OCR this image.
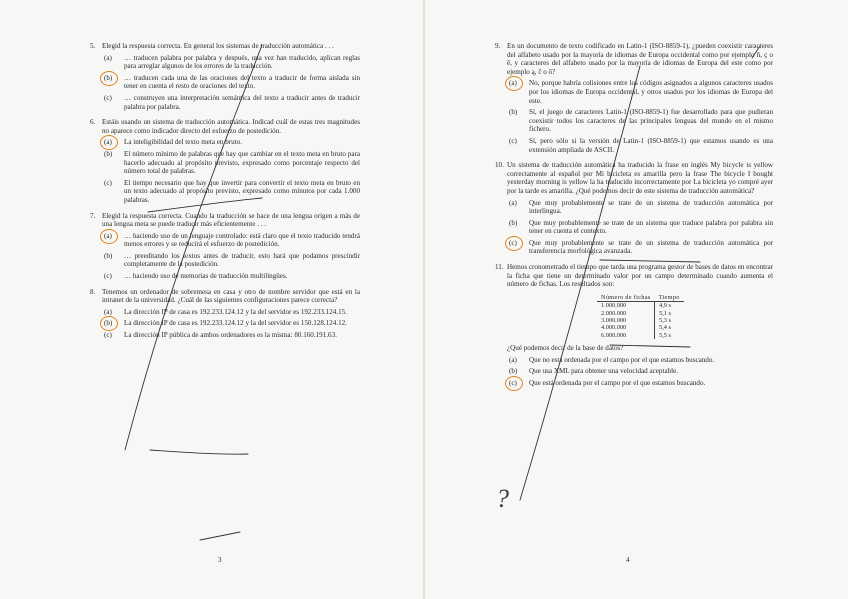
5. Elegid la respuesta correcta. En general los sistemas de traducción automática . . .
(a)	… traducen palabra por palabra y después, una vez han traducido, aplican reglas para arreglar algunos de los errores de la traducción.
(b)	… traducen cada una de las oraciones del texto a traducir de forma aislada sin tener en cuenta el resto de oraciones del texto.
(c)	… construyen una interpretación semántica del texto a traducir antes de traducir palabra por palabra.
6. Estáis usando un sistema de traducción automática. Indicad cuál de estas tres magnitudes no aparece como indicador directo del esfuerzo de postedición.
(a)	La inteligibilidad del texto meta en bruto.
(b)	El número mínimo de palabras que hay que cambiar en el texto meta en bruto para hacerlo adecuado al propósito previsto, expresado como porcentaje respecto del número total de palabras.
(c)	El tiempo necesario que hay que invertir para convertir el texto meta en bruto en un texto adecuado al propósito previsto, expresado como minutos por cada 1.000 palabras.
7. Elegid la respuesta correcta. Cuando la traducción se hace de una lengua origen a más de una lengua meta se puede traducir más eficientemente . . .
(a)	… haciendo uso de un lenguaje controlado: está claro que el texto traducido tendrá menos errores y se reducirá el esfuerzo de postedición.
(b)	… preeditando los textos antes de traducir, esto hará que podamos prescindir completamente de la postedición.
(c)	… haciendo uso de memorias de traducción multilingües.
8. Tenemos un ordenador de sobremesa en casa y otro de nombre servidor que está en la intranet de la universidad. ¿Cuál de las siguientes configuraciones parece correcta?
(a)	La dirección IP de casa es 192.233.124.12 y la del servidor es 192.233.124.15.
(b)	La dirección IP de casa es 192.233.124.12 y la del servidor es 150.128.124.12.
(c)	La dirección IP pública de ambos ordenadores es la misma: 80.160.191.63.
9. En un documento de texto codificado en Latin-1 (ISO-8859-1), ¿pueden coexistir caracteres del alfabeto usado por la mayoría de idiomas de Europa occidental como por ejemplo ñ, ç o ê, y caracteres del alfabeto usado por la mayoría de idiomas de Europa del este como por ejemplo ą, č o ő?
(a)	No, porque habría colisiones entre los códigos asignados a algunos caracteres usados por los idiomas de Europa occidental, y otros usados por los idiomas de Europa del este.
(b)	Sí, el juego de caracteres Latin-1 (ISO-8859-1) fue desarrollado para que pudieran coexistir todos los caracteres de las principales lenguas del mundo en el mismo fichero.
(c)	Sí, pero sólo si la versión de Latin-1 (ISO-8859-1) que estamos usando es una extensión ampliada de ASCII.
10. Un sistema de traducción automática ha traducido la frase en inglés My bicycle is yellow correctamente al español por Mi bicicleta es amarilla pero la frase The bicycle I bought yesterday morning is yellow la ha traducido incorrectamente por La bicicleta yo compré ayer por la tarde es amarilla. ¿Qué podemos decir de este sistema de traducción automática?
(a)	Que muy probablemente se trate de un sistema de traducción automática por interlingua.
(b)	Que muy probablemente se trate de un sistema que traduce palabra por palabra sin tener en cuenta el contexto.
(c)	Que muy probablemente se trate de un sistema de traducción automática por transferencia morfológica avanzada.
11. Hemos cronometrado el tiempo que tarda una programa gestor de bases de datos en encontrar la ficha que tiene un determinado valor por un campo determinado cuando aumenta el número de fichas. Los resultados son:
Número de fichas	Tiempo
1.000.000	4,9 s
2.000.000	5,1 s
3.000.000	5,3 s
4.000.000	5,4 s
6.000.000	5,5 s
¿Qué podemos decir de la base de datos?
(a)	Que no está ordenada por el campo por el que estamos buscando.
(b)	Que usa XML para obtener una velocidad aceptable.
(c)	Que está ordenada por el campo por el que estamos buscando.
3	4
?
